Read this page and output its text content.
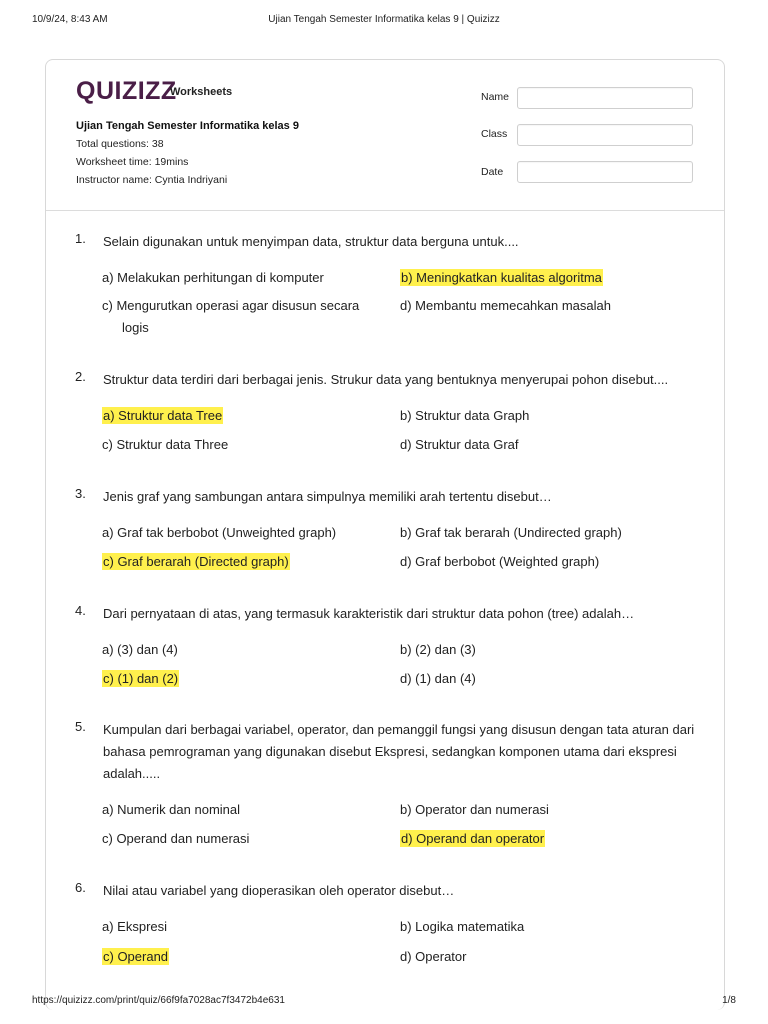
10/9/24, 8:43 AM	Ujian Tengah Semester Informatika kelas 9 | Quizizz
QUIZIZZ
Worksheets
Ujian Tengah Semester Informatika kelas 9
Total questions: 38
Worksheet time: 19mins
Instructor name: Cyntia Indriyani
Name
Class
Date
1. Selain digunakan untuk menyimpan data, struktur data berguna untuk....
a) Melakukan perhitungan di komputer	b) Meningkatkan kualitas algoritma
c) Mengurutkan operasi agar disusun secara logis
d) Membantu memecahkan masalah
2. Struktur data terdiri dari berbagai jenis. Strukur data yang bentuknya menyerupai pohon disebut....
a) Struktur data Tree	b) Struktur data Graph
c) Struktur data Three	d) Struktur data Graf
3. Jenis graf yang sambungan antara simpulnya memiliki arah tertentu disebut…
a) Graf tak berbobot (Unweighted graph)	b) Graf tak berarah (Undirected graph)
c) Graf berarah (Directed graph)	d) Graf berbobot (Weighted graph)
4. Dari pernyataan di atas, yang termasuk karakteristik dari struktur data pohon (tree) adalah…
a) (3) dan (4)	b) (2) dan (3)
c) (1) dan (2)	d) (1) dan (4)
5. Kumpulan dari berbagai variabel, operator, dan pemanggil fungsi yang disusun dengan tata aturan dari bahasa pemrograman yang digunakan disebut Ekspresi, sedangkan komponen utama dari ekspresi adalah.....
a) Numerik dan nominal	b) Operator dan numerasi
c) Operand dan numerasi	d) Operand dan operator
6. Nilai atau variabel yang dioperasikan oleh operator disebut…
a) Ekspresi	b) Logika matematika
c) Operand	d) Operator
https://quizizz.com/print/quiz/66f9fa7028ac7f3472b4e631	1/8
